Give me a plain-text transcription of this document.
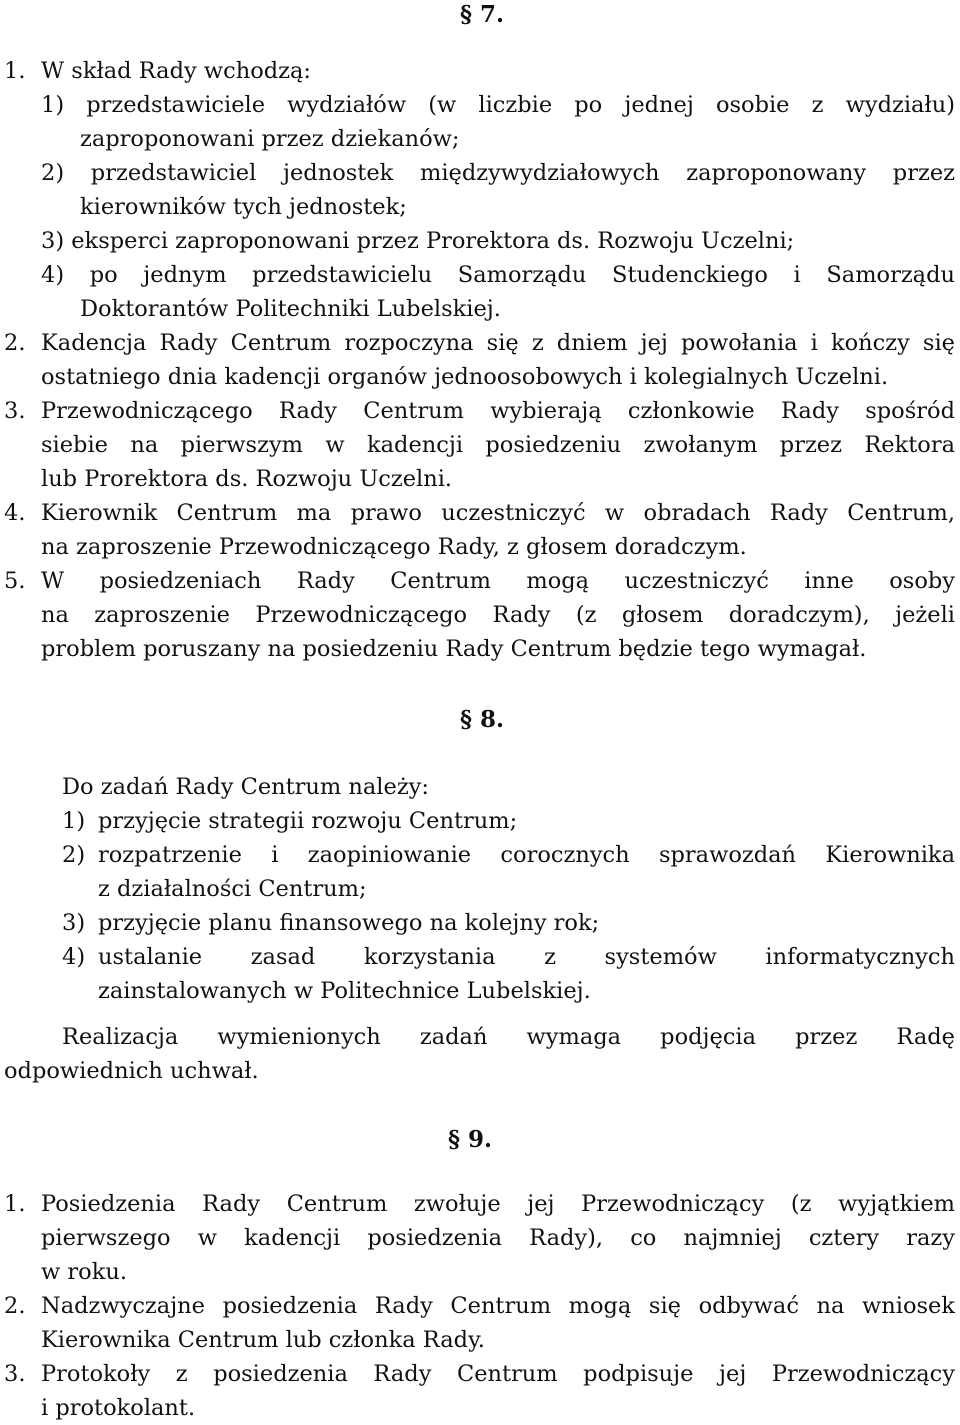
§ 7.
1. W skład Rady wchodzą:
1) przedstawiciele wydziałów (w liczbie po jednej osobie z wydziału)
zaproponowani przez dziekanów;
2) przedstawiciel jednostek międzywydziałowych zaproponowany przez
kierowników tych jednostek;
3) eksperci zaproponowani przez Prorektora ds. Rozwoju Uczelni;
4) po jednym przedstawicielu Samorządu Studenckiego i Samorządu
Doktorantów Politechniki Lubelskiej.
2. Kadencja Rady Centrum rozpoczyna się z dniem jej powołania i kończy się
ostatniego dnia kadencji organów jednoosobowych i kolegialnych Uczelni.
3. Przewodniczącego Rady Centrum wybierają członkowie Rady spośród
siebie na pierwszym w kadencji posiedzeniu zwołanym przez Rektora
lub Prorektora ds. Rozwoju Uczelni.
4. Kierownik Centrum ma prawo uczestniczyć w obradach Rady Centrum,
na zaproszenie Przewodniczącego Rady, z głosem doradczym.
5. W posiedzeniach Rady Centrum mogą uczestniczyć inne osoby
na zaproszenie Przewodniczącego Rady (z głosem doradczym), jeżeli
problem poruszany na posiedzeniu Rady Centrum będzie tego wymagał.
§ 8.
Do zadań Rady Centrum należy:
1) przyjęcie strategii rozwoju Centrum;
2) rozpatrzenie i zaopiniowanie corocznych sprawozdań Kierownika
z działalności Centrum;
3) przyjęcie planu finansowego na kolejny rok;
4) ustalanie zasad korzystania z systemów informatycznych
zainstalowanych w Politechnice Lubelskiej.
Realizacja wymienionych zadań wymaga podjęcia przez Radę
odpowiednich uchwał.
§ 9.
1. Posiedzenia Rady Centrum zwołuje jej Przewodniczący (z wyjątkiem
pierwszego w kadencji posiedzenia Rady), co najmniej cztery razy
w roku.
2. Nadzwyczajne posiedzenia Rady Centrum mogą się odbywać na wniosek
Kierownika Centrum lub członka Rady.
3. Protokoły z posiedzenia Rady Centrum podpisuje jej Przewodniczący
i protokolant.
